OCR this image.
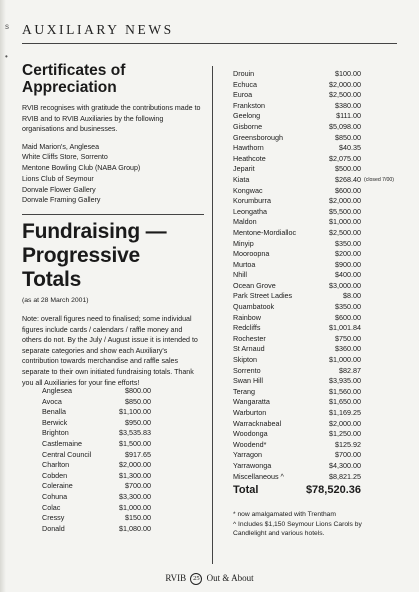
s
•
AUXILIARY NEWS
Certificates of
Appreciation

RVIB recognises with gratitude the contributions made to RVIB and to RVIB Auxiliaries by the following organisations and businesses.

Maid Marion's, Anglesea
White Cliffs Store, Sorrento
Mentone Bowling Club (NABA Group)
Lions Club of Seymour
Donvale Flower Gallery
Donvale Framing Gallery
Fundraising —
Progressive Totals
(as at 28 March 2001)

Note: overall figures need to finalised; some individual figures include cards / calendars / raffle money and others do not. By the July / August issue it is intended to separate categories and show each Auxiliary's contribution towards merchandise and raffle sales separate to their own initiated fundraising totals. Thank you all Auxiliaries for your fine efforts!

Anglesea	$800.00
Avoca	$850.00
Benalla	$1,100.00
Berwick	$950.00
Brighton	$3,535.83
Castlemaine	$1,500.00
Central Council	$917.65
Charlton	$2,000.00
Cobden	$1,300.00
Coleraine	$700.00
Cohuna	$3,300.00
Colac	$1,000.00
Cressy	$150.00
Donald	$1,080.00
Drouin	$100.00
Echuca	$2,000.00
Euroa	$2,500.00
Frankston	$380.00
Geelong	$111.00
Gisborne	$5,098.00
Greensborough	$850.00
Hawthorn	$40.35
Heathcote	$2,075.00
Jeparit	$500.00
Kiata	$268.40 (closed 7/00)
Kongwac	$600.00
Korumburra	$2,000.00
Leongatha	$5,500.00
Maldon	$1,000.00
Mentone-Mordialloc	$2,500.00
Minyip	$350.00
Mooroopna	$200.00
Murtoa	$900.00
Nhill	$400.00
Ocean Grove	$3,000.00
Park Street Ladies	$8.00
Quambatook	$350.00
Rainbow	$600.00
Redcliffs	$1,001.84
Rochester	$750.00
St Arnaud	$360.00
Skipton	$1,000.00
Sorrento	$82.87
Swan Hill	$3,935.00
Terang	$1,560.00
Wangaratta	$1,650.00
Warburton	$1,169.25
Warracknabeal	$2,000.00
Woodonga	$1,250.00
Woodend*	$125.92
Yarragon	$700.00
Yarrawonga	$4,300.00
Miscellaneous ^	$8,821.25
Total	$78,520.36
* now amalgamated with Trentham
^ Includes $1,150 Seymour Lions Carols by Candlelight and various hotels.
RVIB 25 Out & About
